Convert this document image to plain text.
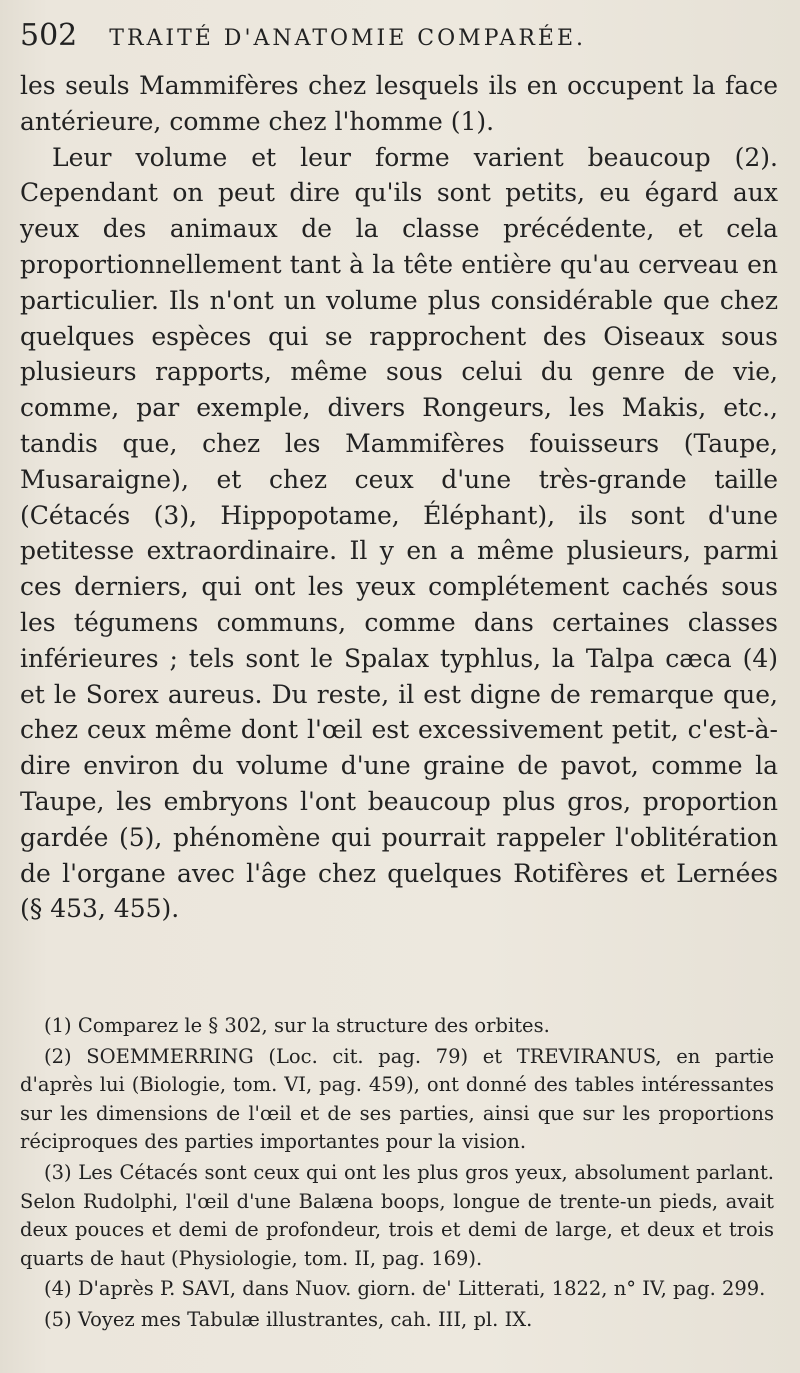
502 TRAITÉ D'ANATOMIE COMPARÉE.

les seuls Mammifères chez lesquels ils en occupent la face antérieure, comme chez l'homme (1).

Leur volume et leur forme varient beaucoup (2). Cependant on peut dire qu'ils sont petits, eu égard aux yeux des animaux de la classe précédente, et cela proportionnellement tant à la tête entière qu'au cerveau en particulier. Ils n'ont un volume plus considérable que chez quelques espèces qui se rapprochent des Oiseaux sous plusieurs rapports, même sous celui du genre de vie, comme, par exemple, divers Rongeurs, les Makis, etc., tandis que, chez les Mammifères fouisseurs (Taupe, Musaraigne), et chez ceux d'une très-grande taille (Cétacés (3), Hippopotame, Éléphant), ils sont d'une petitesse extraordinaire. Il y en a même plusieurs, parmi ces derniers, qui ont les yeux complétement cachés sous les tégumens communs, comme dans certaines classes inférieures ; tels sont le Spalax typhlus, la Talpa cæca (4) et le Sorex aureus. Du reste, il est digne de remarque que, chez ceux même dont l'œil est excessivement petit, c'est-à-dire environ du volume d'une graine de pavot, comme la Taupe, les embryons l'ont beaucoup plus gros, proportion gardée (5), phénomène qui pourrait rappeler l'oblitération de l'organe avec l'âge chez quelques Rotifères et Lernées (§ 453, 455).

(1) Comparez le § 302, sur la structure des orbites.

(2) SOEMMERRING (Loc. cit. pag. 79) et TREVIRANUS, en partie d'après lui (Biologie, tom. VI, pag. 459), ont donné des tables intéressantes sur les dimensions de l'œil et de ses parties, ainsi que sur les proportions réciproques des parties importantes pour la vision.

(3) Les Cétacés sont ceux qui ont les plus gros yeux, absolument parlant. Selon Rudolphi, l'œil d'une Balæna boops, longue de trente-un pieds, avait deux pouces et demi de profondeur, trois et demi de large, et deux et trois quarts de haut (Physiologie, tom. II, pag. 169).

(4) D'après P. SAVI, dans Nuov. giorn. de' Litterati, 1822, n° IV, pag. 299.

(5) Voyez mes Tabulæ illustrantes, cah. III, pl. IX.
